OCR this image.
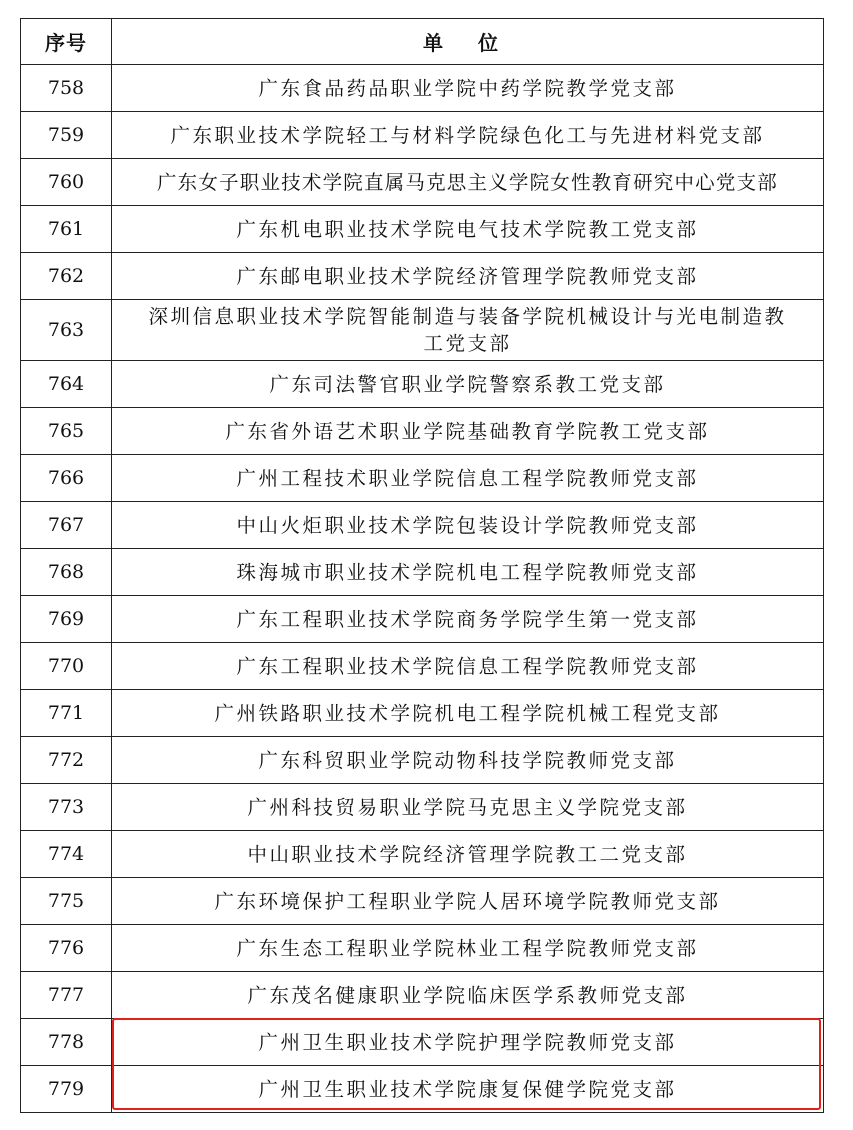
序号	单 位
758	广东食品药品职业学院中药学院教学党支部
759	广东职业技术学院轻工与材料学院绿色化工与先进材料党支部
760	广东女子职业技术学院直属马克思主义学院女性教育研究中心党支部
761	广东机电职业技术学院电气技术学院教工党支部
762	广东邮电职业技术学院经济管理学院教师党支部
763	深圳信息职业技术学院智能制造与装备学院机械设计与光电制造教工党支部
764	广东司法警官职业学院警察系教工党支部
765	广东省外语艺术职业学院基础教育学院教工党支部
766	广州工程技术职业学院信息工程学院教师党支部
767	中山火炬职业技术学院包装设计学院教师党支部
768	珠海城市职业技术学院机电工程学院教师党支部
769	广东工程职业技术学院商务学院学生第一党支部
770	广东工程职业技术学院信息工程学院教师党支部
771	广州铁路职业技术学院机电工程学院机械工程党支部
772	广东科贸职业学院动物科技学院教师党支部
773	广州科技贸易职业学院马克思主义学院党支部
774	中山职业技术学院经济管理学院教工二党支部
775	广东环境保护工程职业学院人居环境学院教师党支部
776	广东生态工程职业学院林业工程学院教师党支部
777	广东茂名健康职业学院临床医学系教师党支部
778	广州卫生职业技术学院护理学院教师党支部
779	广州卫生职业技术学院康复保健学院党支部
